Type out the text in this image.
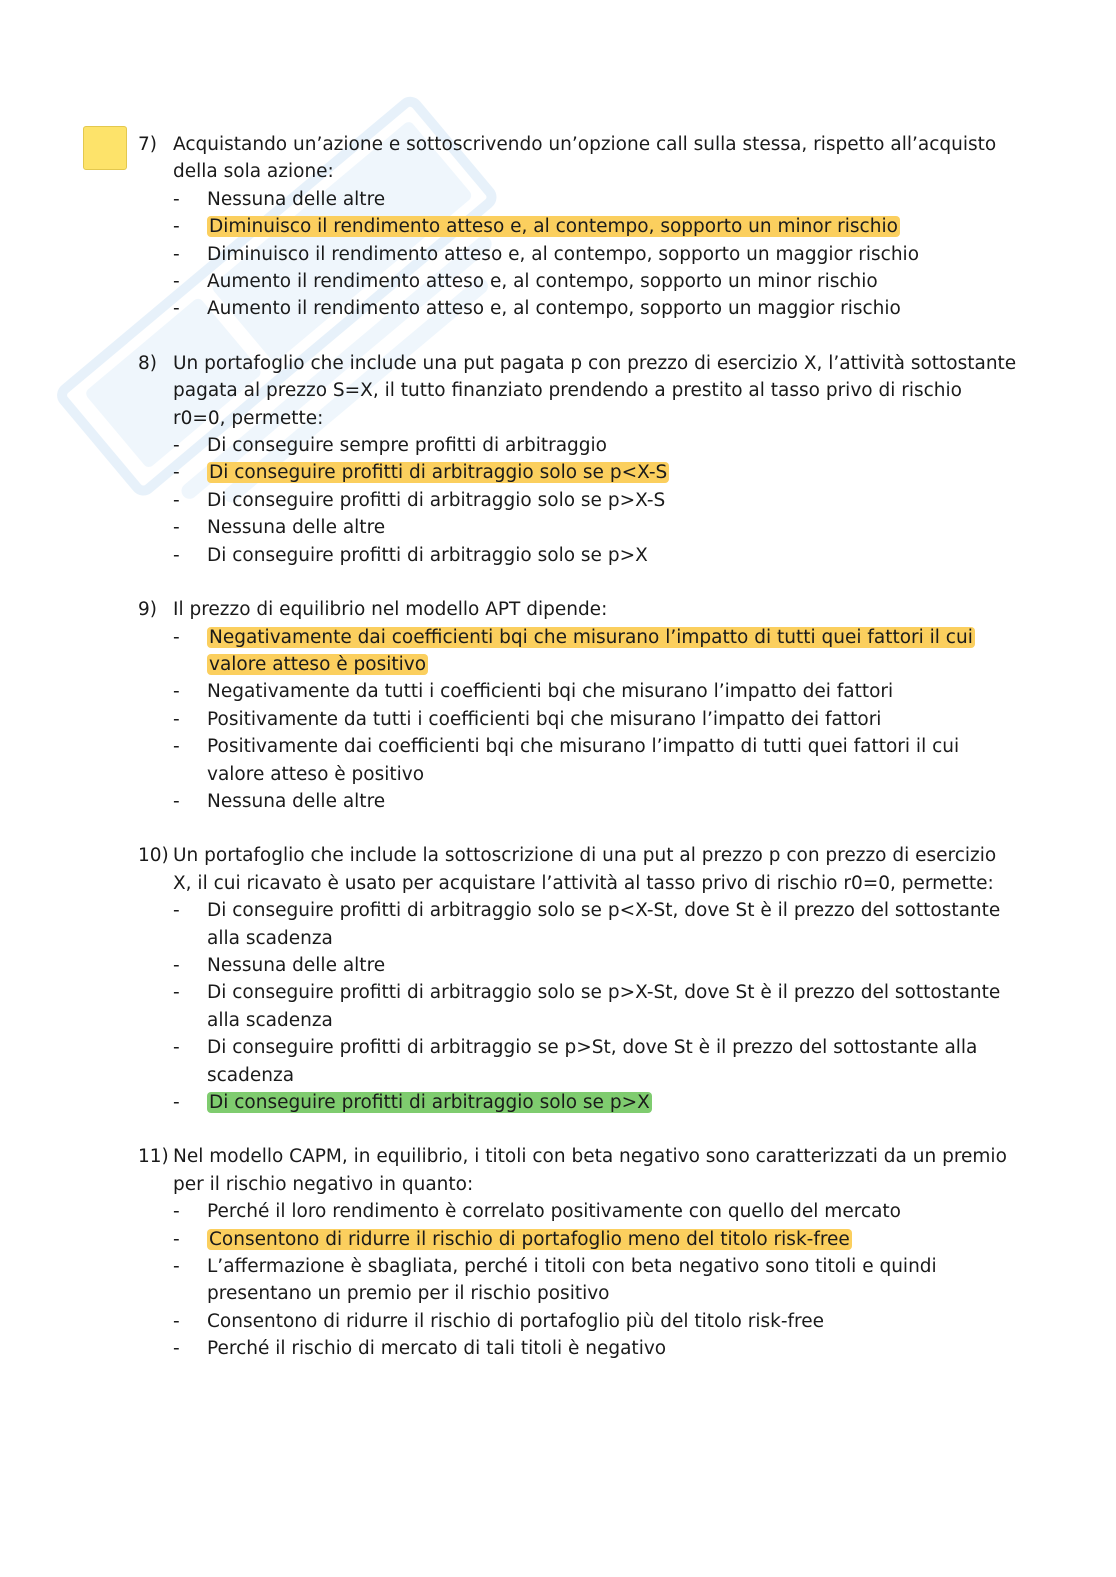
7) Acquistando un’azione e sottoscrivendo un’opzione call sulla stessa, rispetto all’acquisto della sola azione:
-	Nessuna delle altre
-	Diminuisco il rendimento atteso e, al contempo, sopporto un minor rischio
-	Diminuisco il rendimento atteso e, al contempo, sopporto un maggior rischio
-	Aumento il rendimento atteso e, al contempo, sopporto un minor rischio
-	Aumento il rendimento atteso e, al contempo, sopporto un maggior rischio
8) Un portafoglio che include una put pagata p con prezzo di esercizio X, l’attività sottostante pagata al prezzo S=X, il tutto finanziato prendendo a prestito al tasso privo di rischio r0=0, permette:
-	Di conseguire sempre profitti di arbitraggio
-	Di conseguire profitti di arbitraggio solo se p<X-S
-	Di conseguire profitti di arbitraggio solo se p>X-S
-	Nessuna delle altre
-	Di conseguire profitti di arbitraggio solo se p>X
9) Il prezzo di equilibrio nel modello APT dipende:
-	Negativamente dai coefficienti bqi che misurano l’impatto di tutti quei fattori il cui valore atteso è positivo
-	Negativamente da tutti i coefficienti bqi che misurano l’impatto dei fattori
-	Positivamente da tutti i coefficienti bqi che misurano l’impatto dei fattori
-	Positivamente dai coefficienti bqi che misurano l’impatto di tutti quei fattori il cui valore atteso è positivo
-	Nessuna delle altre
10) Un portafoglio che include la sottoscrizione di una put al prezzo p con prezzo di esercizio X, il cui ricavato è usato per acquistare l’attività al tasso privo di rischio r0=0, permette:
-	Di conseguire profitti di arbitraggio solo se p<X-St, dove St è il prezzo del sottostante alla scadenza
-	Nessuna delle altre
-	Di conseguire profitti di arbitraggio solo se p>X-St, dove St è il prezzo del sottostante alla scadenza
-	Di conseguire profitti di arbitraggio se p>St, dove St è il prezzo del sottostante alla scadenza
-	Di conseguire profitti di arbitraggio solo se p>X
11) Nel modello CAPM, in equilibrio, i titoli con beta negativo sono caratterizzati da un premio per il rischio negativo in quanto:
-	Perché il loro rendimento è correlato positivamente con quello del mercato
-	Consentono di ridurre il rischio di portafoglio meno del titolo risk-free
-	L’affermazione è sbagliata, perché i titoli con beta negativo sono titoli e quindi presentano un premio per il rischio positivo
-	Consentono di ridurre il rischio di portafoglio più del titolo risk-free
-	Perché il rischio di mercato di tali titoli è negativo
